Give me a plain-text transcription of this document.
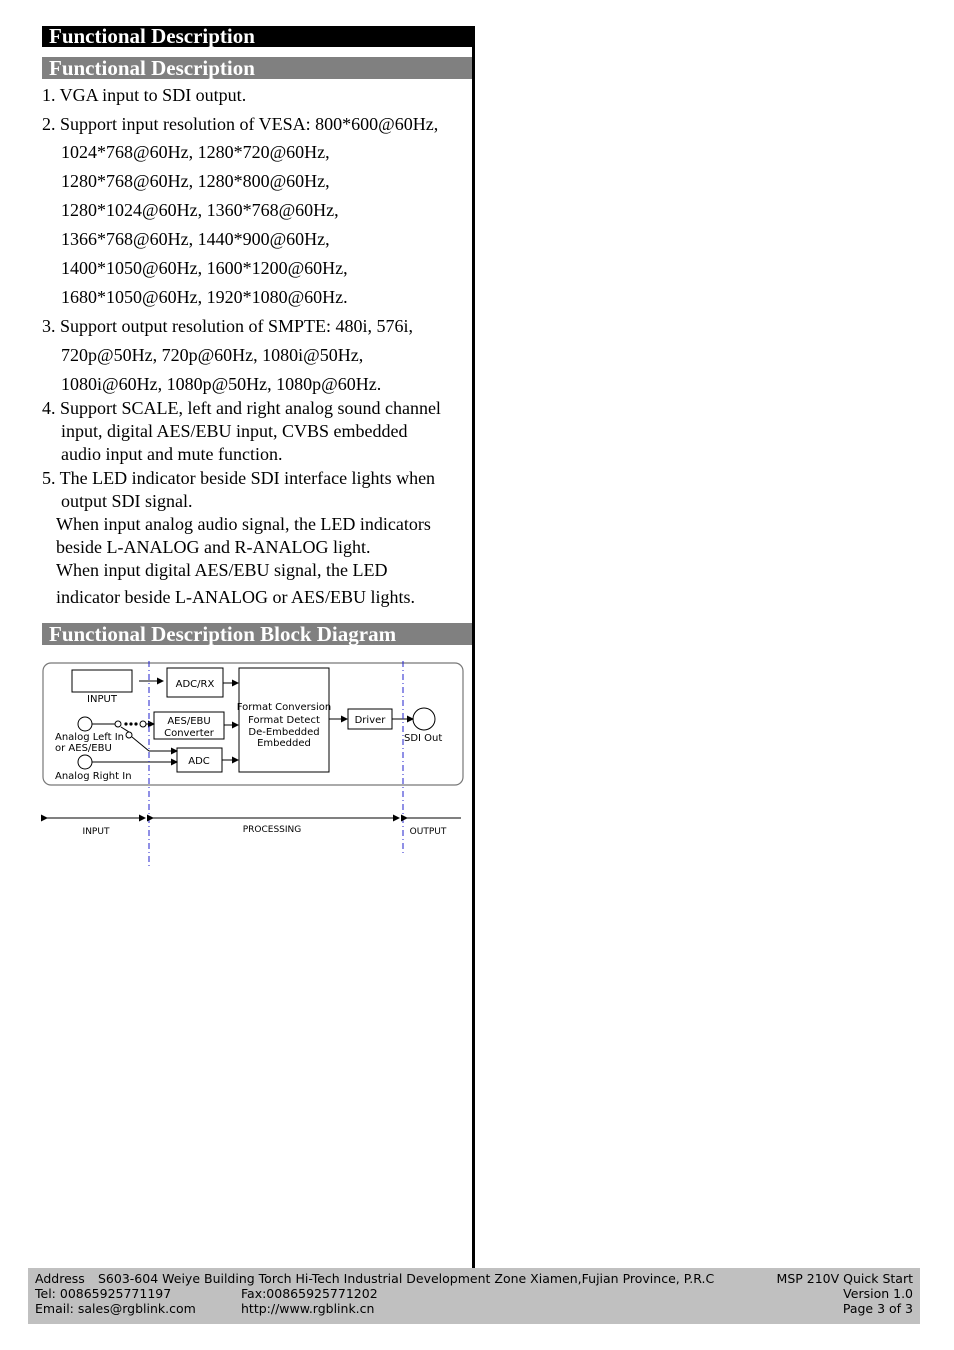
Functional Description
Functional Description
1. VGA input to SDI output.
2. Support input resolution of VESA: 800*600@60Hz,
1024*768@60Hz, 1280*720@60Hz,
1280*768@60Hz, 1280*800@60Hz,
1280*1024@60Hz, 1360*768@60Hz,
1366*768@60Hz, 1440*900@60Hz,
1400*1050@60Hz, 1600*1200@60Hz,
1680*1050@60Hz, 1920*1080@60Hz.
3. Support output resolution of SMPTE: 480i, 576i,
720p@50Hz, 720p@60Hz, 1080i@50Hz,
1080i@60Hz, 1080p@50Hz, 1080p@60Hz.
4. Support SCALE, left and right analog sound channel
input, digital AES/EBU input, CVBS embedded
audio input and mute function.
5. The LED indicator beside SDI interface lights when
output SDI signal.
When input analog audio signal, the LED indicators
beside L-ANALOG and R-ANALOG light.
When input digital AES/EBU signal, the LED
indicator beside L-ANALOG or AES/EBU lights.
Functional Description Block Diagram
INPUT
ADC/RX
AES/EBU
Converter
ADC
Format Conversion
Format Detect
De-Embedded
Embedded
Driver
SDI Out
Analog Left In
or AES/EBU
Analog Right In
INPUT	PROCESSING	OUTPUT
Address S603-604 Weiye Building Torch Hi-Tech Industrial Development Zone Xiamen,Fujian Province, P.R.C	MSP 210V Quick Start
Tel: 00865925771197	Fax:00865925771202	Version 1.0
Email: sales@rgblink.com	http://www.rgblink.cn	Page 3 of 3
